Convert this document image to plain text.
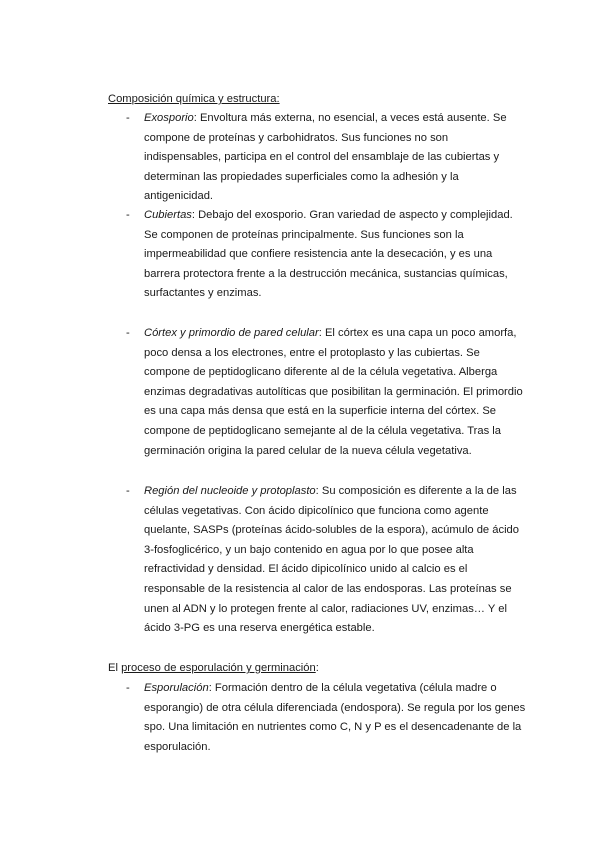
Composición química y estructura:
- Exosporio: Envoltura más externa, no esencial, a veces está ausente. Se compone de proteínas y carbohidratos. Sus funciones no son indispensables, participa en el control del ensamblaje de las cubiertas y determinan las propiedades superficiales como la adhesión y la antigenicidad.
- Cubiertas: Debajo del exosporio. Gran variedad de aspecto y complejidad. Se componen de proteínas principalmente. Sus funciones son la impermeabilidad que confiere resistencia ante la desecación, y es una barrera protectora frente a la destrucción mecánica, sustancias químicas, surfactantes y enzimas.
- Córtex y primordio de pared celular: El córtex es una capa un poco amorfa, poco densa a los electrones, entre el protoplasto y las cubiertas. Se compone de peptidoglicano diferente al de la célula vegetativa. Alberga enzimas degradativas autolíticas que posibilitan la germinación. El primordio es una capa más densa que está en la superficie interna del córtex. Se compone de peptidoglicano semejante al de la célula vegetativa. Tras la germinación origina la pared celular de la nueva célula vegetativa.
- Región del nucleoide y protoplasto: Su composición es diferente a la de las células vegetativas. Con ácido dipicolínico que funciona como agente quelante, SASPs (proteínas ácido-solubles de la espora), acúmulo de ácido 3-fosfoglicérico, y un bajo contenido en agua por lo que posee alta refractividad y densidad. El ácido dipicolínico unido al calcio es el responsable de la resistencia al calor de las endosporas. Las proteínas se unen al ADN y lo protegen frente al calor, radiaciones UV, enzimas… Y el ácido 3-PG es una reserva energética estable.
El proceso de esporulación y germinación:
- Esporulación: Formación dentro de la célula vegetativa (célula madre o esporangio) de otra célula diferenciada (endospora). Se regula por los genes spo. Una limitación en nutrientes como C, N y P es el desencadenante de la esporulación.
